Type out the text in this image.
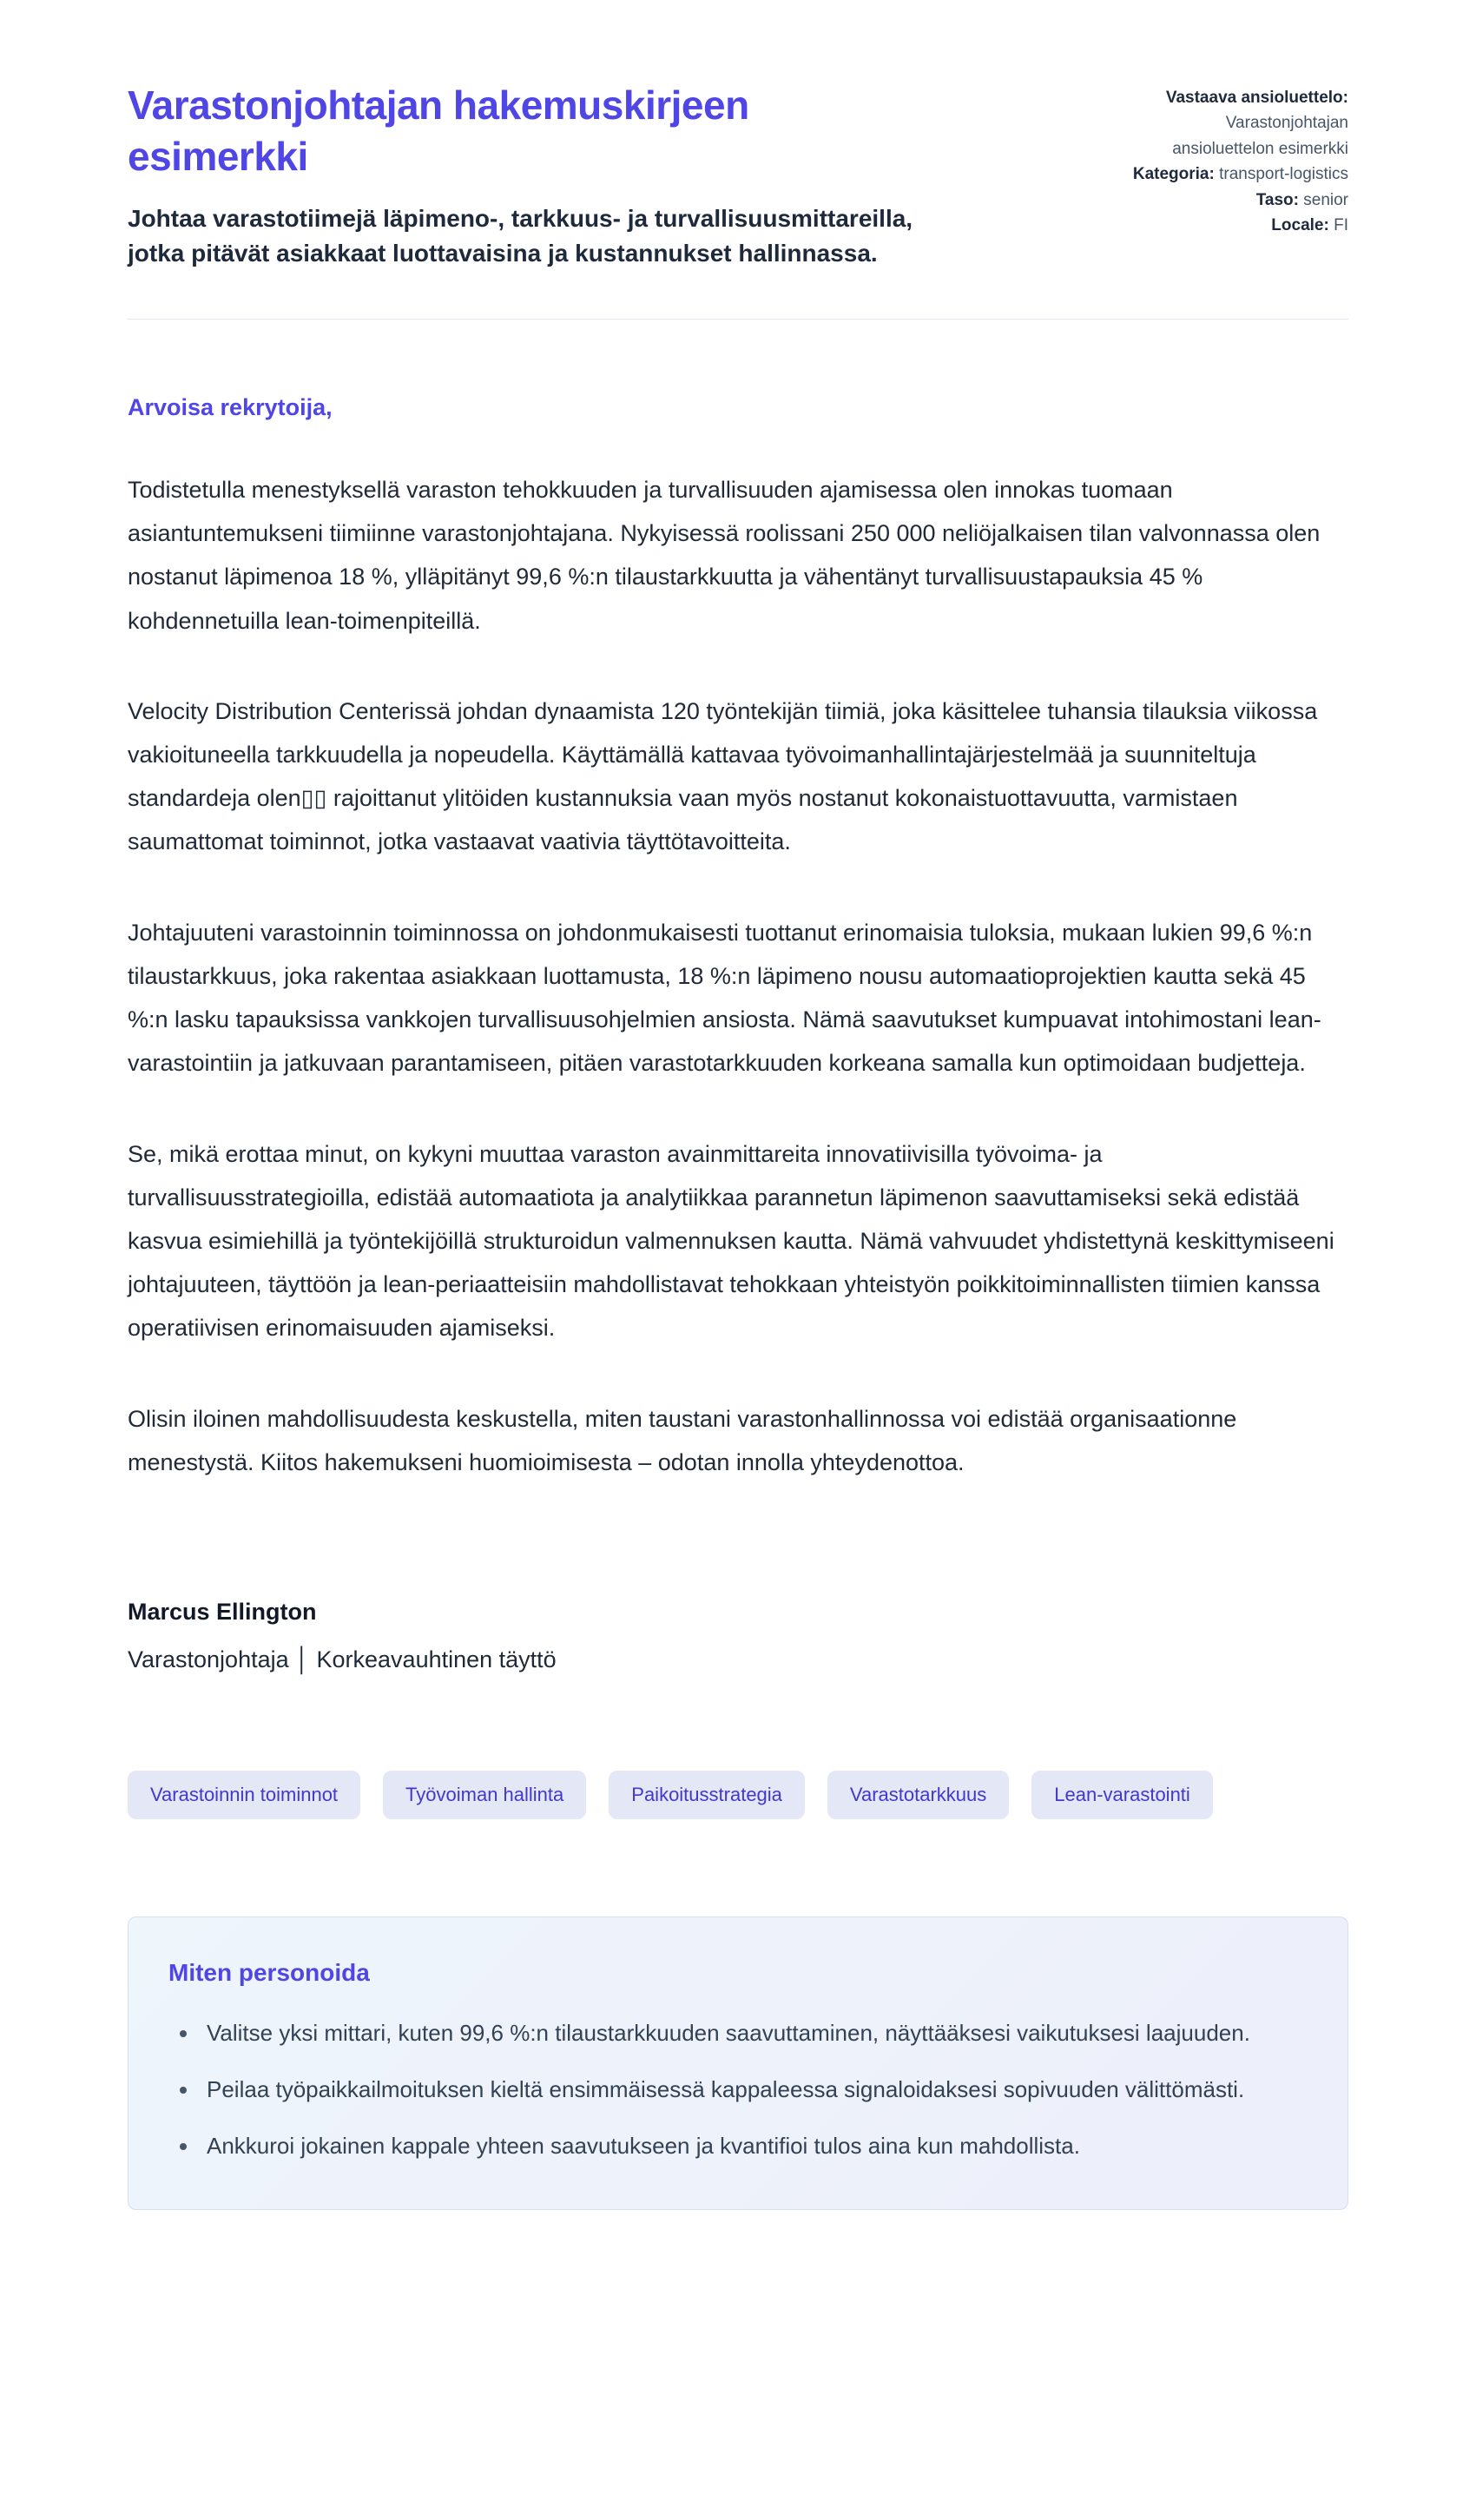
Varastonjohtajan hakemuskirjeen esimerkki

Johtaa varastotiimejä läpimeno-, tarkkuus- ja turvallisuusmittareilla, jotka pitävät asiakkaat luottavaisina ja kustannukset hallinnassa.

Vastaava ansioluettelo: Varastonjohtajan ansioluettelon esimerkki
Kategoria: transport-logistics
Taso: senior
Locale: FI
Arvoisa rekrytoija,

Todistetulla menestyksellä varaston tehokkuuden ja turvallisuuden ajamisessa olen innokas tuomaan asiantuntemukseni tiimiinne varastonjohtajana. Nykyisessä roolissani 250 000 neliöjalkaisen tilan valvonnassa olen nostanut läpimenoa 18 %, ylläpitänyt 99,6 %:n tilaustarkkuutta ja vähentänyt turvallisuustapauksia 45 % kohdennetuilla lean-toimenpiteillä.

Velocity Distribution Centerissä johdan dynaamista 120 työntekijän tiimiä, joka käsittelee tuhansia tilauksia viikossa vakioituneella tarkkuudella ja nopeudella. Käyttämällä kattavaa työvoimanhallintajärjestelmää ja suunniteltuja standardeja olen▯▯ rajoittanut ylitöiden kustannuksia vaan myös nostanut kokonaistuottavuutta, varmistaen saumattomat toiminnot, jotka vastaavat vaativia täyttötavoitteita.

Johtajuuteni varastoinnin toiminnossa on johdonmukaisesti tuottanut erinomaisia tuloksia, mukaan lukien 99,6 %:n tilaustarkkuus, joka rakentaa asiakkaan luottamusta, 18 %:n läpimeno nousu automaatioprojektien kautta sekä 45 %:n lasku tapauksissa vankkojen turvallisuusohjelmien ansiosta. Nämä saavutukset kumpuavat intohimostani lean-varastointiin ja jatkuvaan parantamiseen, pitäen varastotarkkuuden korkeana samalla kun optimoidaan budjetteja.

Se, mikä erottaa minut, on kykyni muuttaa varaston avainmittareita innovatiivisilla työvoima- ja turvallisuusstrategioilla, edistää automaatiota ja analytiikkaa parannetun läpimenon saavuttamiseksi sekä edistää kasvua esimiehillä ja työntekijöillä strukturoidun valmennuksen kautta. Nämä vahvuudet yhdistettynä keskittymiseeni johtajuuteen, täyttöön ja lean-periaatteisiin mahdollistavat tehokkaan yhteistyön poikkitoiminnallisten tiimien kanssa operatiivisen erinomaisuuden ajamiseksi.

Olisin iloinen mahdollisuudesta keskustella, miten taustani varastonhallinnossa voi edistää organisaationne menestystä. Kiitos hakemukseni huomioimisesta – odotan innolla yhteydenottoa.

Marcus Ellington
Varastonjohtaja │ Korkeavauhtinen täyttö
Varastoinnin toiminnot	Työvoiman hallinta	Paikoitusstrategia	Varastotarkkuus	Lean-varastointi
Miten personoida
• Valitse yksi mittari, kuten 99,6 %:n tilaustarkkuuden saavuttaminen, näyttääksesi vaikutuksesi laajuuden.
• Peilaa työpaikkailmoituksen kieltä ensimmäisessä kappaleessa signaloidaksesi sopivuuden välittömästi.
• Ankkuroi jokainen kappale yhteen saavutukseen ja kvantifioi tulos aina kun mahdollista.
